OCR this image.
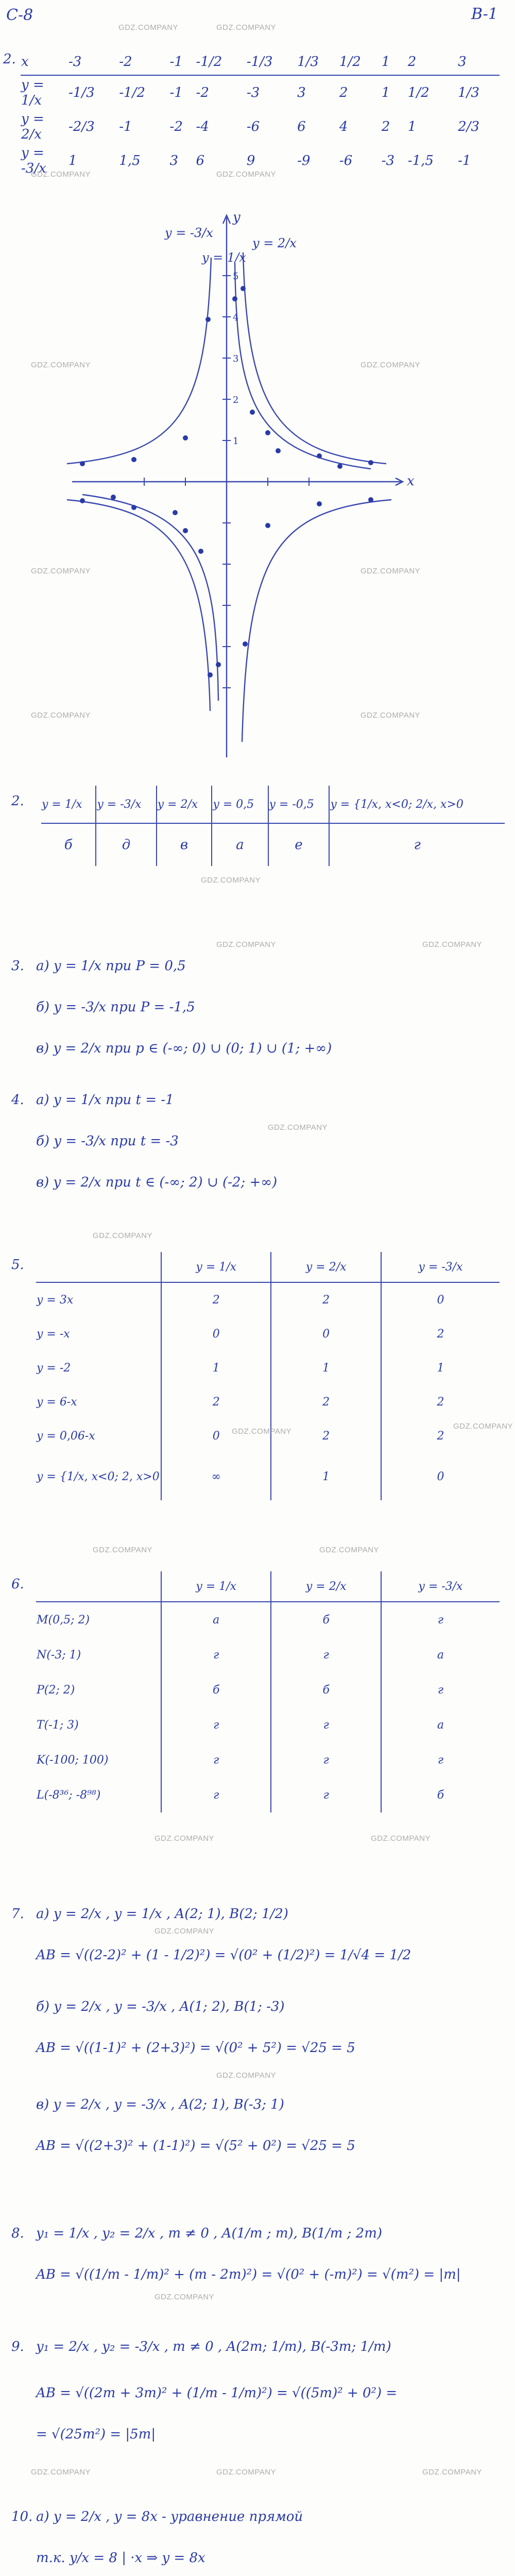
C-8	B-1
2. x	-3	-2	-1	-1/2	-1/3	1/3	1/2	1	2	3
y = 1/x	-1/3	-1/2	-1	-2	-3	3	2	1	1/2	1/3
y = 2/x	-2/3	-1	-2	-4	-6	6	4	2	1	2/3
y = -3/x	1	1,5	3	6	9	-9	-6	-3	-1,5	-1
y = -3/x
y = 1/x
y = 2/x
x
y
1
2
3
4
5
2. y = 1/x	y = -3/x	y = 2/x	y = 0,5	y = -0,5	y = {1/x, x<0; 2/x, x>0
б	д	в	а	е	г
3. а) y = 1/x при P = 0,5
б) y = -3/x при P = -1,5
в) y = 2/x при p ∈ (-∞; 0) ∪ (0; 1) ∪ (1; +∞)
4. а) y = 1/x при t = -1
б) y = -3/x при t = -3
в) y = 2/x при t ∈ (-∞; 2) ∪ (-2; +∞)
5.
		y = 1/x	y = 2/x	y = -3/x
y = 3x	2	2	0
y = -x	0	0	2
y = -2	1	1	1
y = 6-x	2	2	2
y = 0,06-x	0	2	2
y = {1/x, x<0; 2, x>0	∞	1	0
6.
		y = 1/x	y = 2/x	y = -3/x
M(0,5; 2)	а	б	г
N(-3; 1)	г	г	а
P(2; 2)	б	б	г
T(-1; 3)	г	г	а
K(-100; 100)	г	г	г
L(-8³⁶; -8⁹⁸)	г	г	б
7. а) y = 2/x , y = 1/x , A(2; 1), B(2; 1/2)
AB = √((2-2)² + (1 - 1/2)²) = √(0² + (1/2)²) = 1/√4 = 1/2
б) y = 2/x , y = -3/x , A(1; 2), B(1; -3)
AB = √((1-1)² + (2+3)²) = √(0² + 5²) = √25 = 5
в) y = 2/x , y = -3/x , A(2; 1), B(-3; 1)
AB = √((2+3)² + (1-1)²) = √(5² + 0²) = √25 = 5
8. y₁ = 1/x , y₂ = 2/x , m ≠ 0 , A(1/m ; m), B(1/m ; 2m)
AB = √((1/m - 1/m)² + (m - 2m)²) = √(0² + (-m)²) = √(m²) = |m|
9. y₁ = 2/x , y₂ = -3/x , m ≠ 0 , A(2m; 1/m), B(-3m; 1/m)
AB = √((2m + 3m)² + (1/m - 1/m)²) = √((5m)² + 0²) =
= √(25m²) = |5m|
10. а) y = 2/x , y = 8x - уравнение прямой
т.к. y/x = 8 | ·x ⇒ y = 8x
GDZ.COMPANY	GDZ.COMPANY
GDZ.COMPANY	GDZ.COMPANY
GDZ.COMPANY	GDZ.COMPANY
GDZ.COMPANY	GDZ.COMPANY
GDZ.COMPANY	GDZ.COMPANY
GDZ.COMPANY
GDZ.COMPANY	GDZ.COMPANY
GDZ.COMPANY
GDZ.COMPANY
GDZ.COMPANY
GDZ.COMPANY
GDZ.COMPANY	GDZ.COMPANY
GDZ.COMPANY	GDZ.COMPANY
GDZ.COMPANY
GDZ.COMPANY
GDZ.COMPANY
GDZ.COMPANY	GDZ.COMPANY	GDZ.COMPANY
